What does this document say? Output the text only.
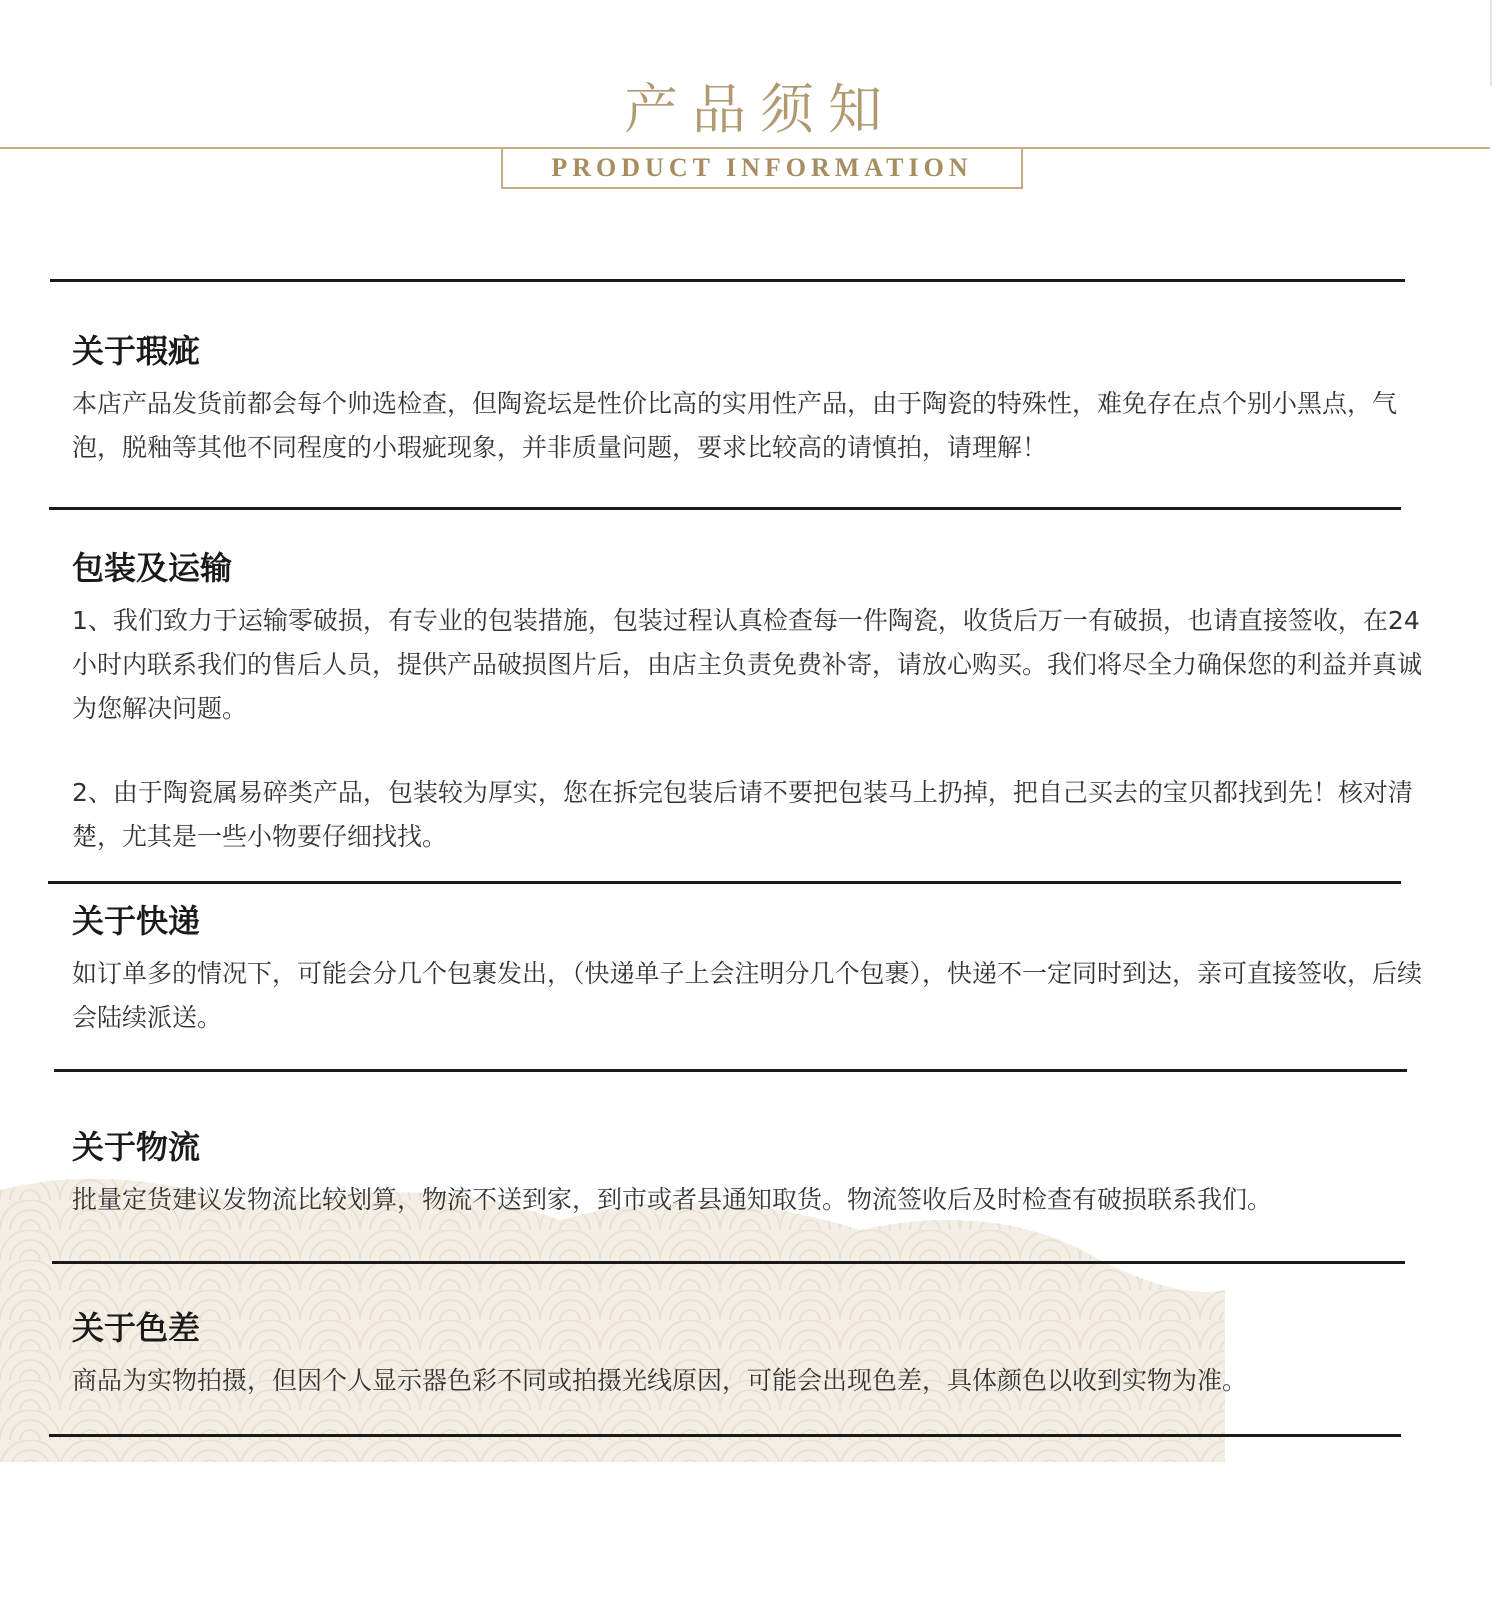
产品须知
PRODUCT INFORMATION
关于瑕疵

本店产品发货前都会每个帅选检查，但陶瓷坛是性价比高的实用性产品，由于陶瓷的特殊性，难免存在点个别小黑点，气泡，脱釉等其他不同程度的小瑕疵现象，并非质量问题，要求比较高的请慎拍，请理解！

包装及运输

1、我们致力于运输零破损，有专业的包装措施，包装过程认真检查每一件陶瓷，收货后万一有破损，也请直接签收，在24小时内联系我们的售后人员，提供产品破损图片后，由店主负责免费补寄，请放心购买。我们将尽全力确保您的利益并真诚为您解决问题。

2、由于陶瓷属易碎类产品，包装较为厚实，您在拆完包装后请不要把包装马上扔掉，把自己买去的宝贝都找到先！核对清楚，尤其是一些小物要仔细找找。

关于快递

如订单多的情况下，可能会分几个包裹发出，（快递单子上会注明分几个包裹），快递不一定同时到达，亲可直接签收，后续会陆续派送。

关于物流

批量定货建议发物流比较划算，物流不送到家，到市或者县通知取货。物流签收后及时检查有破损联系我们。

关于色差

商品为实物拍摄，但因个人显示器色彩不同或拍摄光线原因，可能会出现色差，具体颜色以收到实物为准。
